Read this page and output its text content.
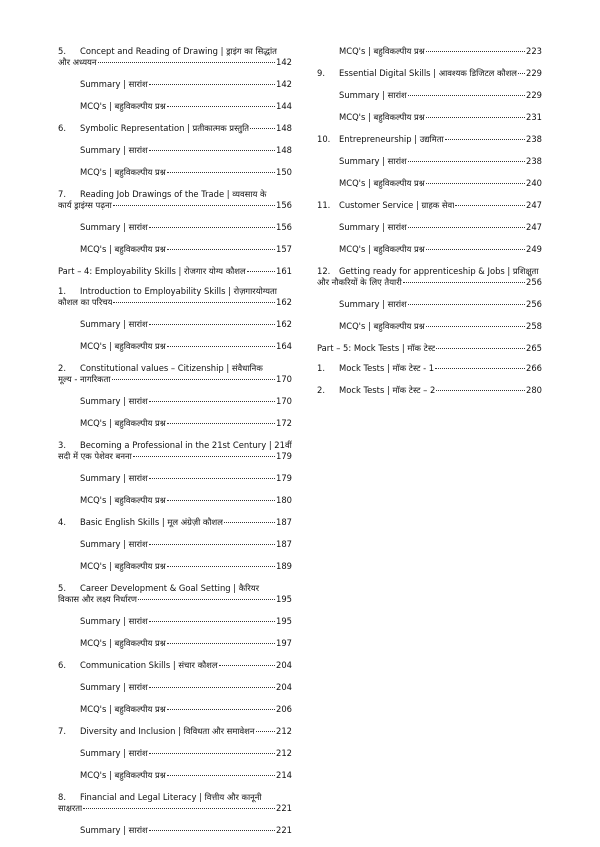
5. Concept and Reading of Drawing | ड्राइंग का सिद्धांत
और अध्ययन	142
Summary | सारांश	142
MCQ's | बहुविकल्पीय प्रश्न	144
6.	Symbolic Representation | प्रतीकात्मक प्रस्तुति	148
Summary | सारांश	148
MCQ's | बहुविकल्पीय प्रश्न	150
7. Reading Job Drawings of the Trade | व्यवसाय के
कार्य ड्राइंग्स पढ़ना	156
Summary | सारांश	156
MCQ's | बहुविकल्पीय प्रश्न	157
Part – 4: Employability Skills | रोजगार योग्य कौशल	161
1. Introduction to Employability Skills | रोज़गारयोग्यता
कौशल का परिचय	162
Summary | सारांश	162
MCQ's | बहुविकल्पीय प्रश्न	164
2. Constitutional values – Citizenship | संवैधानिक
मूल्य - नागरिकता	170
Summary | सारांश	170
MCQ's | बहुविकल्पीय प्रश्न	172
3. Becoming a Professional in the 21st Century | 21वीं
सदी में एक पेशेवर बनना	179
Summary | सारांश	179
MCQ's | बहुविकल्पीय प्रश्न	180
4.	Basic English Skills | मूल अंग्रेज़ी कौशल	187
Summary | सारांश	187
MCQ's | बहुविकल्पीय प्रश्न	189
5. Career Development & Goal Setting | कैरियर
विकास और लक्ष्य निर्धारण	195
Summary | सारांश	195
MCQ's | बहुविकल्पीय प्रश्न	197
6.	Communication Skills | संचार कौशल	204
Summary | सारांश	204
MCQ's | बहुविकल्पीय प्रश्न	206
7.	Diversity and Inclusion | विविधता और समावेशन	212
Summary | सारांश	212
MCQ's | बहुविकल्पीय प्रश्न	214
8. Financial and Legal Literacy | वित्तीय और कानूनी
साक्षरता	221
Summary | सारांश	221
MCQ's | बहुविकल्पीय प्रश्न	223
9.	Essential Digital Skills | आवश्यक डिजिटल कौशल 229
Summary | सारांश	229
MCQ's | बहुविकल्पीय प्रश्न	231
10.	Entrepreneurship | उद्यमिता	238
Summary | सारांश	238
MCQ's | बहुविकल्पीय प्रश्न	240
11.	Customer Service | ग्राहक सेवा	247
Summary | सारांश	247
MCQ's | बहुविकल्पीय प्रश्न	249
12. Getting ready for apprenticeship & Jobs | प्रशिक्षुता
और नौकरियों के लिए तैयारी	256
Summary | सारांश	256
MCQ's | बहुविकल्पीय प्रश्न	258
Part – 5: Mock Tests | मॉक टेस्ट	265
1.	Mock Tests | मॉक टेस्ट - 1	266
2.	Mock Tests | मॉक टेस्ट – 2	280
